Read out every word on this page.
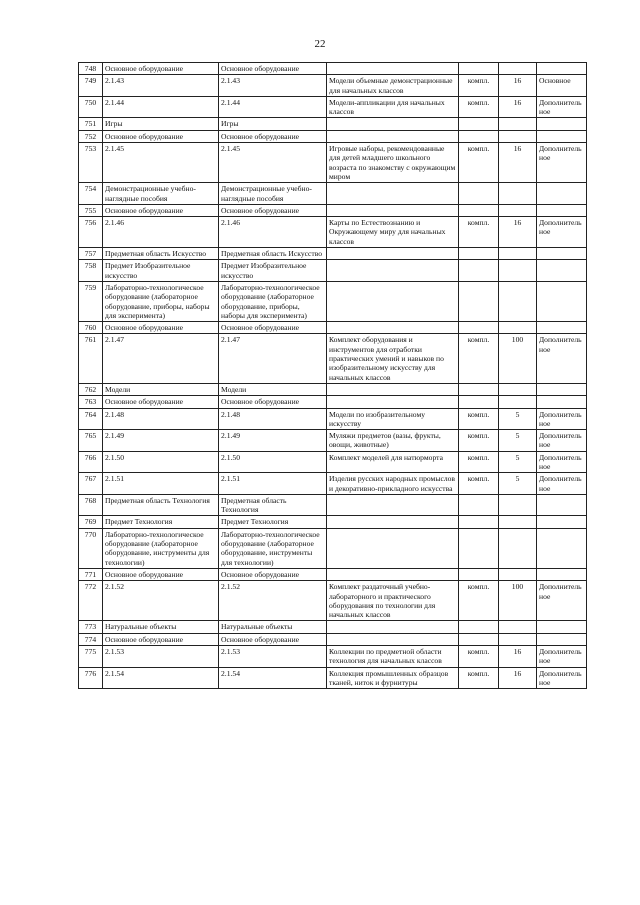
22
748	Основное оборудование	Основное оборудование				
749	2.1.43	2.1.43	Модели объемные демонстрационные для начальных классов	компл.	16	Основное
750	2.1.44	2.1.44	Модели-аппликации для начальных классов	компл.	16	Дополнительное
751	Игры	Игры				
752	Основное оборудование	Основное оборудование				
753	2.1.45	2.1.45	Игровые наборы, рекомендованные для детей младшего школьного возраста по знакомству с окружающим миром	компл.	16	Дополнительное
754	Демонстрационные учебно-наглядные пособия	Демонстрационные учебно-наглядные пособия				
755	Основное оборудование	Основное оборудование				
756	2.1.46	2.1.46	Карты по Естествознанию и Окружающему миру для начальных классов	компл.	16	Дополнительное
757	Предметная область Искусство	Предметная область Искусство				
758	Предмет Изобразительное искусство	Предмет Изобразительное искусство				
759	Лабораторно-технологическое оборудование (лабораторное оборудование, приборы, наборы для эксперимента)	Лабораторно-технологическое оборудование (лабораторное оборудование, приборы, наборы для эксперимента)				
760	Основное оборудование	Основное оборудование				
761	2.1.47	2.1.47	Комплект оборудования и инструментов для отработки практических умений и навыков по изобразительному искусству для начальных классов	компл.	100	Дополнительное
762	Модели	Модели				
763	Основное оборудование	Основное оборудование				
764	2.1.48	2.1.48	Модели по изобразительному искусству	компл.	5	Дополнительное
765	2.1.49	2.1.49	Муляжи предметов (вазы, фрукты, овощи, животные)	компл.	5	Дополнительное
766	2.1.50	2.1.50	Комплект моделей для натюрморта	компл.	5	Дополнительное
767	2.1.51	2.1.51	Изделия русских народных промыслов и декоративно-прикладного искусства	компл.	5	Дополнительное
768	Предметная область Технология	Предметная область Технология				
769	Предмет Технология	Предмет Технология				
770	Лабораторно-технологическое оборудование (лабораторное оборудование, инструменты для технологии)	Лабораторно-технологическое оборудование (лабораторное оборудование, инструменты для технологии)				
771	Основное оборудование	Основное оборудование				
772	2.1.52	2.1.52	Комплект раздаточный учебно-лабораторного и практического оборудования по технологии для начальных классов	компл.	100	Дополнительное
773	Натуральные объекты	Натуральные объекты				
774	Основное оборудование	Основное оборудование				
775	2.1.53	2.1.53	Коллекции по предметной области технология для начальных классов	компл.	16	Дополнительное
776	2.1.54	2.1.54	Коллекция промышленных образцов тканей, ниток и фурнитуры	компл.	16	Дополнительное
